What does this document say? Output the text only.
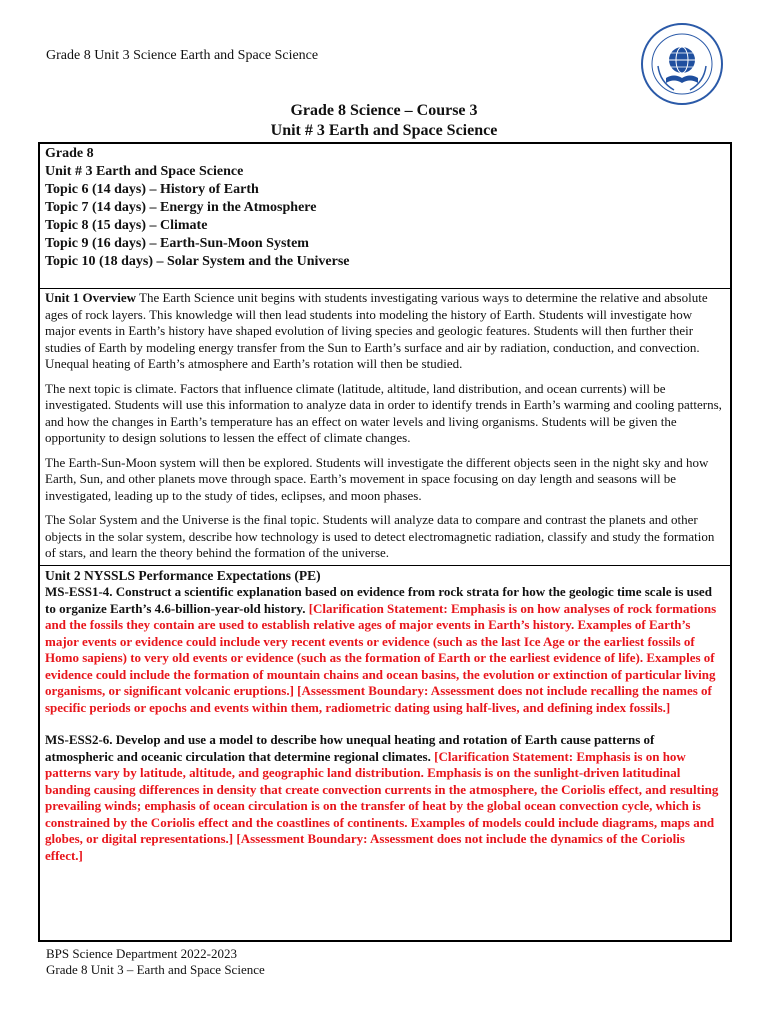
Grade 8 Unit 3 Science Earth and Space Science
Grade 8 Science – Course 3
Unit # 3 Earth and Space Science
Grade 8
Unit # 3 Earth and Space Science
Topic 6 (14 days) – History of Earth
Topic 7 (14 days) – Energy in the Atmosphere
Topic 8 (15 days) – Climate
Topic 9 (16 days) – Earth-Sun-Moon System
Topic 10 (18 days) – Solar System and the Universe

Unit 1 Overview The Earth Science unit begins with students investigating various ways to determine the relative and absolute ages of rock layers. This knowledge will then lead students into modeling the history of Earth. Students will investigate how major events in Earth’s history have shaped evolution of living species and geologic features. Students will then further their studies of Earth by modeling energy transfer from the Sun to Earth’s surface and air by radiation, conduction, and convection. Unequal heating of Earth’s atmosphere and Earth’s rotation will then be studied.

The next topic is climate. Factors that influence climate (latitude, altitude, land distribution, and ocean currents) will be investigated. Students will use this information to analyze data in order to identify trends in Earth’s warming and cooling patterns, and how the changes in Earth’s temperature has an effect on water levels and living organisms. Students will be given the opportunity to design solutions to lessen the effect of climate changes.

The Earth-Sun-Moon system will then be explored. Students will investigate the different objects seen in the night sky and how Earth, Sun, and other planets move through space. Earth’s movement in space focusing on day length and seasons will be investigated, leading up to the study of tides, eclipses, and moon phases.

The Solar System and the Universe is the final topic. Students will analyze data to compare and contrast the planets and other objects in the solar system, describe how technology is used to detect electromagnetic radiation, classify and study the formation of stars, and learn the theory behind the formation of the universe.

Unit 2 NYSSLS Performance Expectations (PE)

MS-ESS1-4. Construct a scientific explanation based on evidence from rock strata for how the geologic time scale is used to organize Earth’s 4.6-billion-year-old history. [Clarification Statement: Emphasis is on how analyses of rock formations and the fossils they contain are used to establish relative ages of major events in Earth’s history. Examples of Earth’s major events or evidence could include very recent events or evidence (such as the last Ice Age or the earliest fossils of Homo sapiens) to very old events or evidence (such as the formation of Earth or the earliest evidence of life). Examples of evidence could include the formation of mountain chains and ocean basins, the evolution or extinction of particular living organisms, or significant volcanic eruptions.] [Assessment Boundary: Assessment does not include recalling the names of specific periods or epochs and events within them, radiometric dating using half-lives, and defining index fossils.]

MS-ESS2-6. Develop and use a model to describe how unequal heating and rotation of Earth cause patterns of atmospheric and oceanic circulation that determine regional climates. [Clarification Statement: Emphasis is on how patterns vary by latitude, altitude, and geographic land distribution. Emphasis is on the sunlight-driven latitudinal banding causing differences in density that create convection currents in the atmosphere, the Coriolis effect, and resulting prevailing winds; emphasis of ocean circulation is on the transfer of heat by the global ocean convection cycle, which is constrained by the Coriolis effect and the coastlines of continents. Examples of models could include diagrams, maps and globes, or digital representations.] [Assessment Boundary: Assessment does not include the dynamics of the Coriolis effect.]

BPS Science Department 2022-2023
Grade 8 Unit 3 – Earth and Space Science
